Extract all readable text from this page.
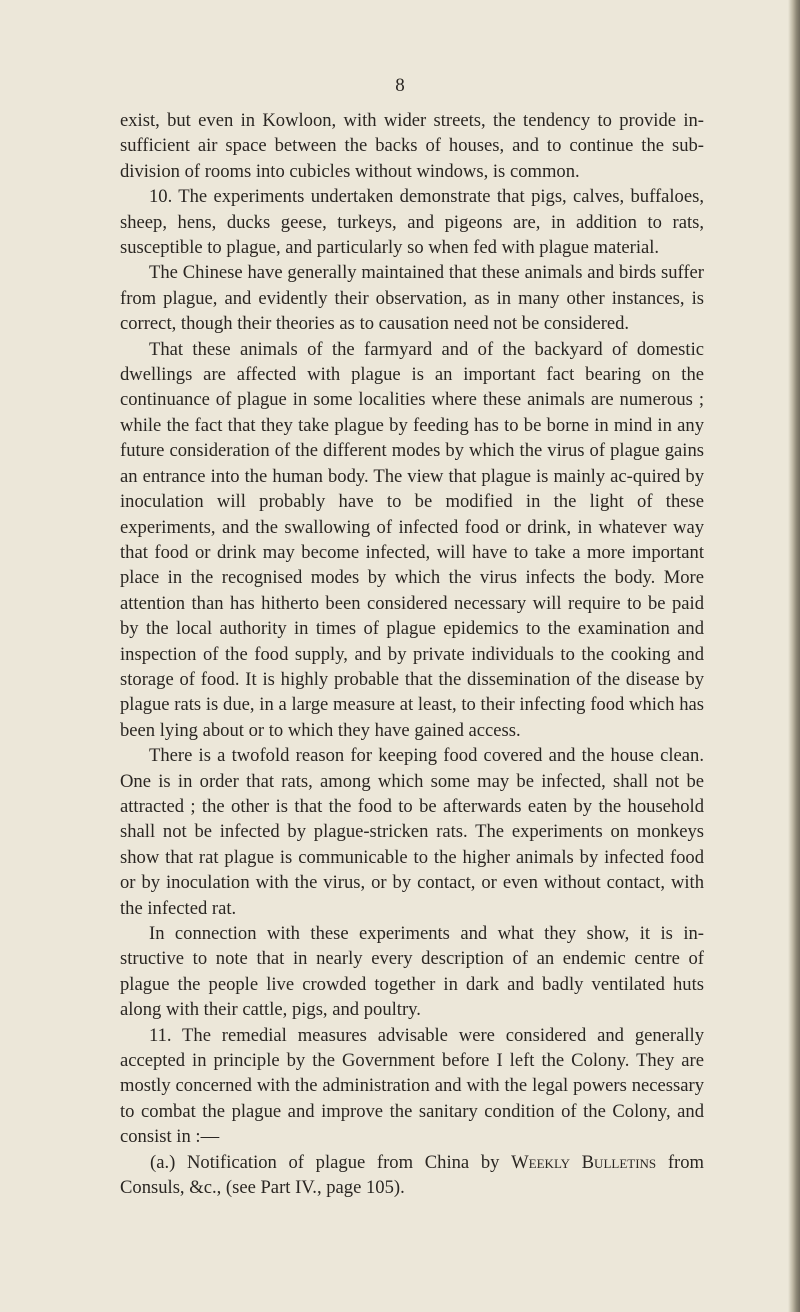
8

exist, but even in Kowloon, with wider streets, the tendency to provide in-sufficient air space between the backs of houses, and to continue the sub-division of rooms into cubicles without windows, is common.

10. The experiments undertaken demonstrate that pigs, calves, buffaloes, sheep, hens, ducks geese, turkeys, and pigeons are, in addition to rats, susceptible to plague, and particularly so when fed with plague material.

The Chinese have generally maintained that these animals and birds suffer from plague, and evidently their observation, as in many other instances, is correct, though their theories as to causation need not be considered.

That these animals of the farmyard and of the backyard of domestic dwellings are affected with plague is an important fact bearing on the continuance of plague in some localities where these animals are numerous ; while the fact that they take plague by feeding has to be borne in mind in any future consideration of the different modes by which the virus of plague gains an entrance into the human body. The view that plague is mainly ac-quired by inoculation will probably have to be modified in the light of these experiments, and the swallowing of infected food or drink, in whatever way that food or drink may become infected, will have to take a more important place in the recognised modes by which the virus infects the body. More attention than has hitherto been considered necessary will require to be paid by the local authority in times of plague epidemics to the examination and inspection of the food supply, and by private individuals to the cooking and storage of food. It is highly probable that the dissemination of the disease by plague rats is due, in a large measure at least, to their infecting food which has been lying about or to which they have gained access.

There is a twofold reason for keeping food covered and the house clean. One is in order that rats, among which some may be infected, shall not be attracted ; the other is that the food to be afterwards eaten by the household shall not be infected by plague-stricken rats. The experiments on monkeys show that rat plague is communicable to the higher animals by infected food or by inoculation with the virus, or by contact, or even without contact, with the infected rat.

In connection with these experiments and what they show, it is in-structive to note that in nearly every description of an endemic centre of plague the people live crowded together in dark and badly ventilated huts along with their cattle, pigs, and poultry.

11. The remedial measures advisable were considered and generally accepted in principle by the Government before I left the Colony. They are mostly concerned with the administration and with the legal powers necessary to combat the plague and improve the sanitary condition of the Colony, and consist in :—

(a.) Notification of plague from China by Weekly Bulletins from Consuls, &c., (see Part IV., page 105).
